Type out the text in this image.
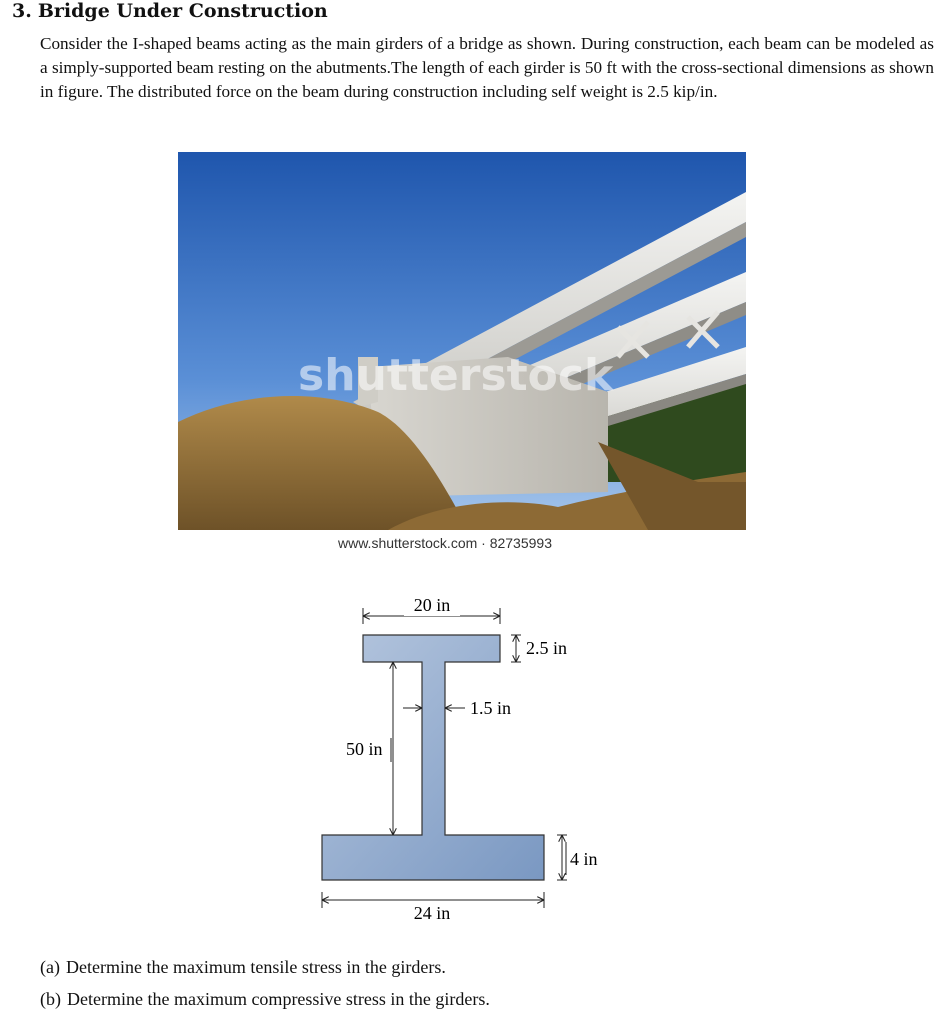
3. Bridge Under Construction
Consider the I-shaped beams acting as the main girders of a bridge as shown. During construction, each beam can be modeled as a simply-supported beam resting on the abutments.The length of each girder is 50 ft with the cross-sectional dimensions as shown in figure. The distributed force on the beam during construction including self weight is 2.5 kip/in.
shutterstock
www.shutterstock.com · 82735993
20 in
2.5 in
1.5 in
50 in
4 in
24 in
(a) Determine the maximum tensile stress in the girders.
(b) Determine the maximum compressive stress in the girders.
